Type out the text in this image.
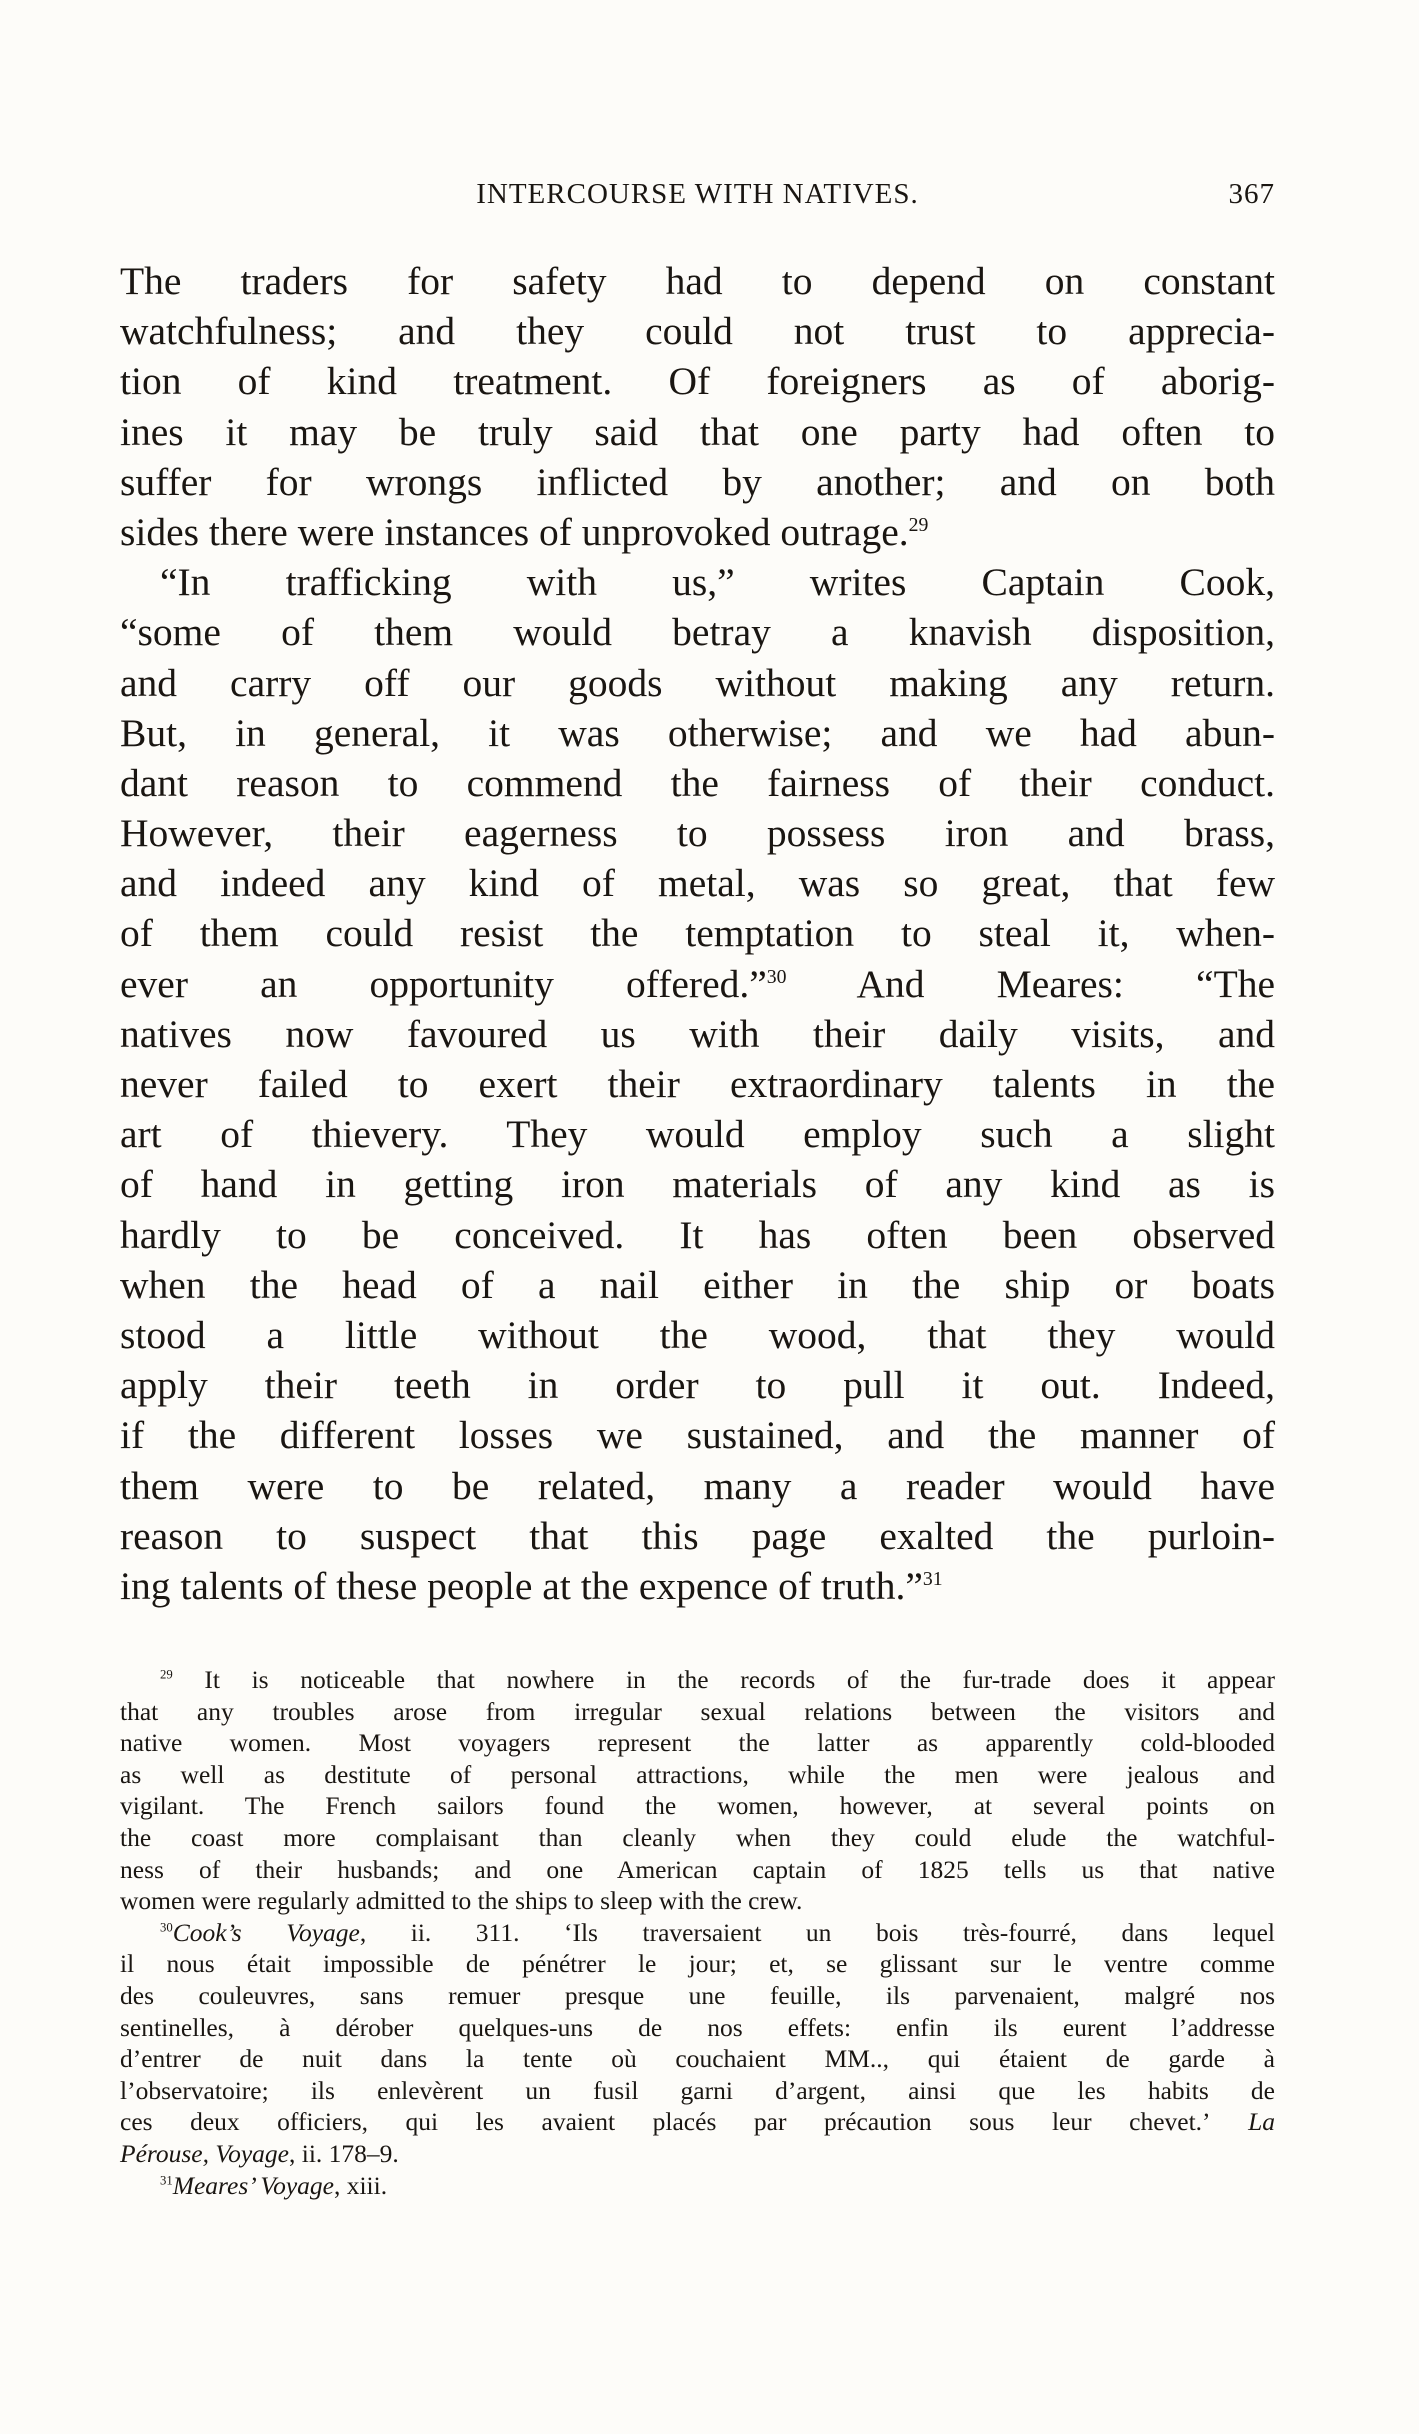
INTERCOURSE WITH NATIVES.	367
The traders for safety had to depend on constant
watchfulness; and they could not trust to apprecia-
tion of kind treatment. Of foreigners as of aborig-
ines it may be truly said that one party had often to
suffer for wrongs inflicted by another; and on both
sides there were instances of unprovoked outrage.$^{29}$
“In trafficking with us,” writes Captain Cook,
“some of them would betray a knavish disposition,
and carry off our goods without making any return.
But, in general, it was otherwise; and we had abun-
dant reason to commend the fairness of their conduct.
However, their eagerness to possess iron and brass,
and indeed any kind of metal, was so great, that few
of them could resist the temptation to steal it, when-
ever an opportunity offered.”$^{30}$ And Meares: “The
natives now favoured us with their daily visits, and
never failed to exert their extraordinary talents in the
art of thievery. They would employ such a slight
of hand in getting iron materials of any kind as is
hardly to be conceived. It has often been observed
when the head of a nail either in the ship or boats
stood a little without the wood, that they would
apply their teeth in order to pull it out. Indeed,
if the different losses we sustained, and the manner of
them were to be related, many a reader would have
reason to suspect that this page exalted the purloin-
ing talents of these people at the expence of truth.”$^{31}$
$^{29}$ It is noticeable that nowhere in the records of the fur-trade does it appear
that any troubles arose from irregular sexual relations between the visitors and
native women. Most voyagers represent the latter as apparently cold-blooded
as well as destitute of personal attractions, while the men were jealous and
vigilant. The French sailors found the women, however, at several points on
the coast more complaisant than cleanly when they could elude the watchful-
ness of their husbands; and one American captain of 1825 tells us that native
women were regularly admitted to the ships to sleep with the crew.
$^{30}$Cook’s Voyage, ii. 311. ‘Ils traversaient un bois très-fourré, dans lequel
il nous était impossible de pénétrer le jour; et, se glissant sur le ventre comme
des couleuvres, sans remuer presque une feuille, ils parvenaient, malgré nos
sentinelles, à dérober quelques-uns de nos effets: enfin ils eurent l’addresse
d’entrer de nuit dans la tente où couchaient MM.., qui étaient de garde à
l’observatoire; ils enlevèrent un fusil garni d’argent, ainsi que les habits de
ces deux officiers, qui les avaient placés par précaution sous leur chevet.’ La
Pérouse, Voyage, ii. 178–9.
$^{31}$Meares’ Voyage, xiii.
